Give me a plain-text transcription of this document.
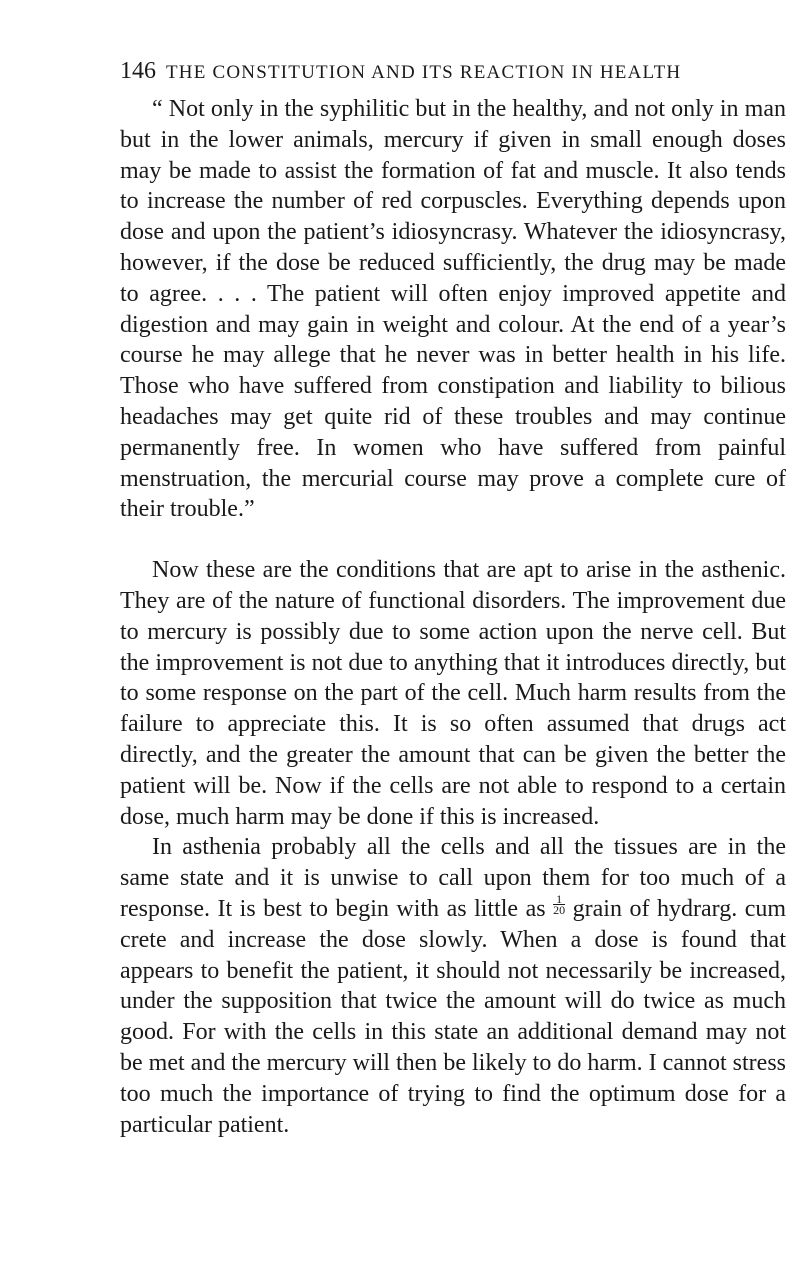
146 THE CONSTITUTION AND ITS REACTION IN HEALTH

“ Not only in the syphilitic but in the healthy, and not only in man but in the lower animals, mercury if given in small enough doses may be made to assist the formation of fat and muscle. It also tends to increase the number of red corpuscles. Everything depends upon dose and upon the patient’s idiosyncrasy. Whatever the idiosyncrasy, however, if the dose be reduced sufficiently, the drug may be made to agree. . . . The patient will often enjoy improved appetite and digestion and may gain in weight and colour. At the end of a year’s course he may allege that he never was in better health in his life. Those who have suffered from constipation and liability to bilious headaches may get quite rid of these troubles and may continue permanently free. In women who have suffered from painful menstruation, the mercurial course may prove a complete cure of their trouble.”

Now these are the conditions that are apt to arise in the asthenic. They are of the nature of functional disorders. The improvement due to mercury is possibly due to some action upon the nerve cell. But the improvement is not due to anything that it introduces directly, but to some response on the part of the cell. Much harm results from the failure to appreciate this. It is so often assumed that drugs act directly, and the greater the amount that can be given the better the patient will be. Now if the cells are not able to respond to a certain dose, much harm may be done if this is increased.

In asthenia probably all the cells and all the tissues are in the same state and it is unwise to call upon them for too much of a response. It is best to begin with as little as $\frac{1}{20}$ grain of hydrarg. cum crete and increase the dose slowly. When a dose is found that appears to benefit the patient, it should not necessarily be increased, under the supposition that twice the amount will do twice as much good. For with the cells in this state an additional demand may not be met and the mercury will then be likely to do harm. I cannot stress too much the importance of trying to find the optimum dose for a particular patient.
